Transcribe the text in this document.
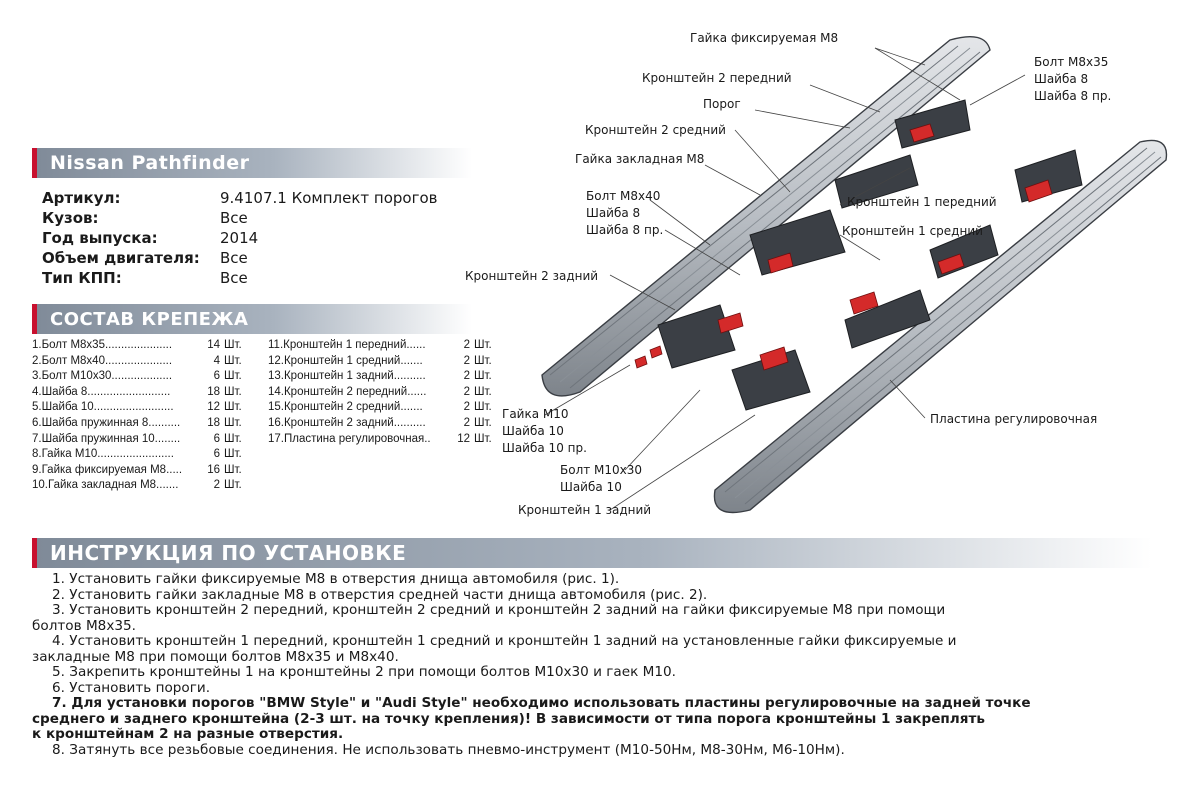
Nissan Pathfinder
Артикул:	9.4107.1 Комплект порогов
Кузов:	Все
Год выпуска:	2014
Объем двигателя:	Все
Тип КПП:	Все
СОСТАВ КРЕПЕЖА
1.Болт М8х35.....................	14 Шт.
2.Болт М8х40.....................	4 Шт.
3.Болт М10х30...................	6 Шт.
4.Шайба 8..........................	18 Шт.
5.Шайба 10.........................	12 Шт.
6.Шайба пружинная 8..........	18 Шт.
7.Шайба пружинная 10........	6 Шт.
8.Гайка М10........................	6 Шт.
9.Гайка фиксируемая М8.....	16 Шт.
10.Гайка закладная М8.......	2 Шт.
11.Кронштейн 1 передний......	2 Шт.
12.Кронштейн 1 средний.......	2 Шт.
13.Кронштейн 1 задний..........	2 Шт.
14.Кронштейн 2 передний......	2 Шт.
15.Кронштейн 2 средний.......	2 Шт.
16.Кронштейн 2 задний..........	2 Шт.
17.Пластина регулировочная..	12 Шт.
Гайка фиксируемая М8
Кронштейн 2 передний
Порог
Кронштейн 2 средний
Гайка закладная М8
Болт М8х40
Шайба 8
Шайба 8 пр.
Кронштейн 2 задний
Болт М8х35
Шайба 8
Шайба 8 пр.
Кронштейн 1 передний
Кронштейн 1 средний
Гайка М10
Шайба 10
Шайба 10 пр.
Болт М10х30
Шайба 10
Кронштейн 1 задний
Пластина регулировочная
ИНСТРУКЦИЯ ПО УСТАНОВКЕ

1. Установить гайки фиксируемые М8 в отверстия днища автомобиля (рис. 1).

2. Установить гайки закладные М8 в отверстия средней части днища автомобиля (рис. 2).

3. Установить кронштейн 2 передний, кронштейн 2 средний и кронштейн 2 задний на гайки фиксируемые М8 при помощи

болтов М8х35.

4. Установить кронштейн 1 передний, кронштейн 1 средний и кронштейн 1 задний на установленные гайки фиксируемые и

закладные М8 при помощи болтов М8х35 и М8х40.

5. Закрепить кронштейны 1 на кронштейны 2 при помощи болтов М10х30 и гаек М10.

6. Установить пороги.

7. Для установки порогов "BMW Style" и "Audi Style" необходимо использовать пластины регулировочные на задней точке

среднего и заднего кронштейна (2-3 шт. на точку крепления)! В зависимости от типа порога кронштейны 1 закреплять

к кронштейнам 2 на разные отверстия.

8. Затянуть все резьбовые соединения. Не использовать пневмо-инструмент (М10-50Нм, М8-30Нм, М6-10Нм).
